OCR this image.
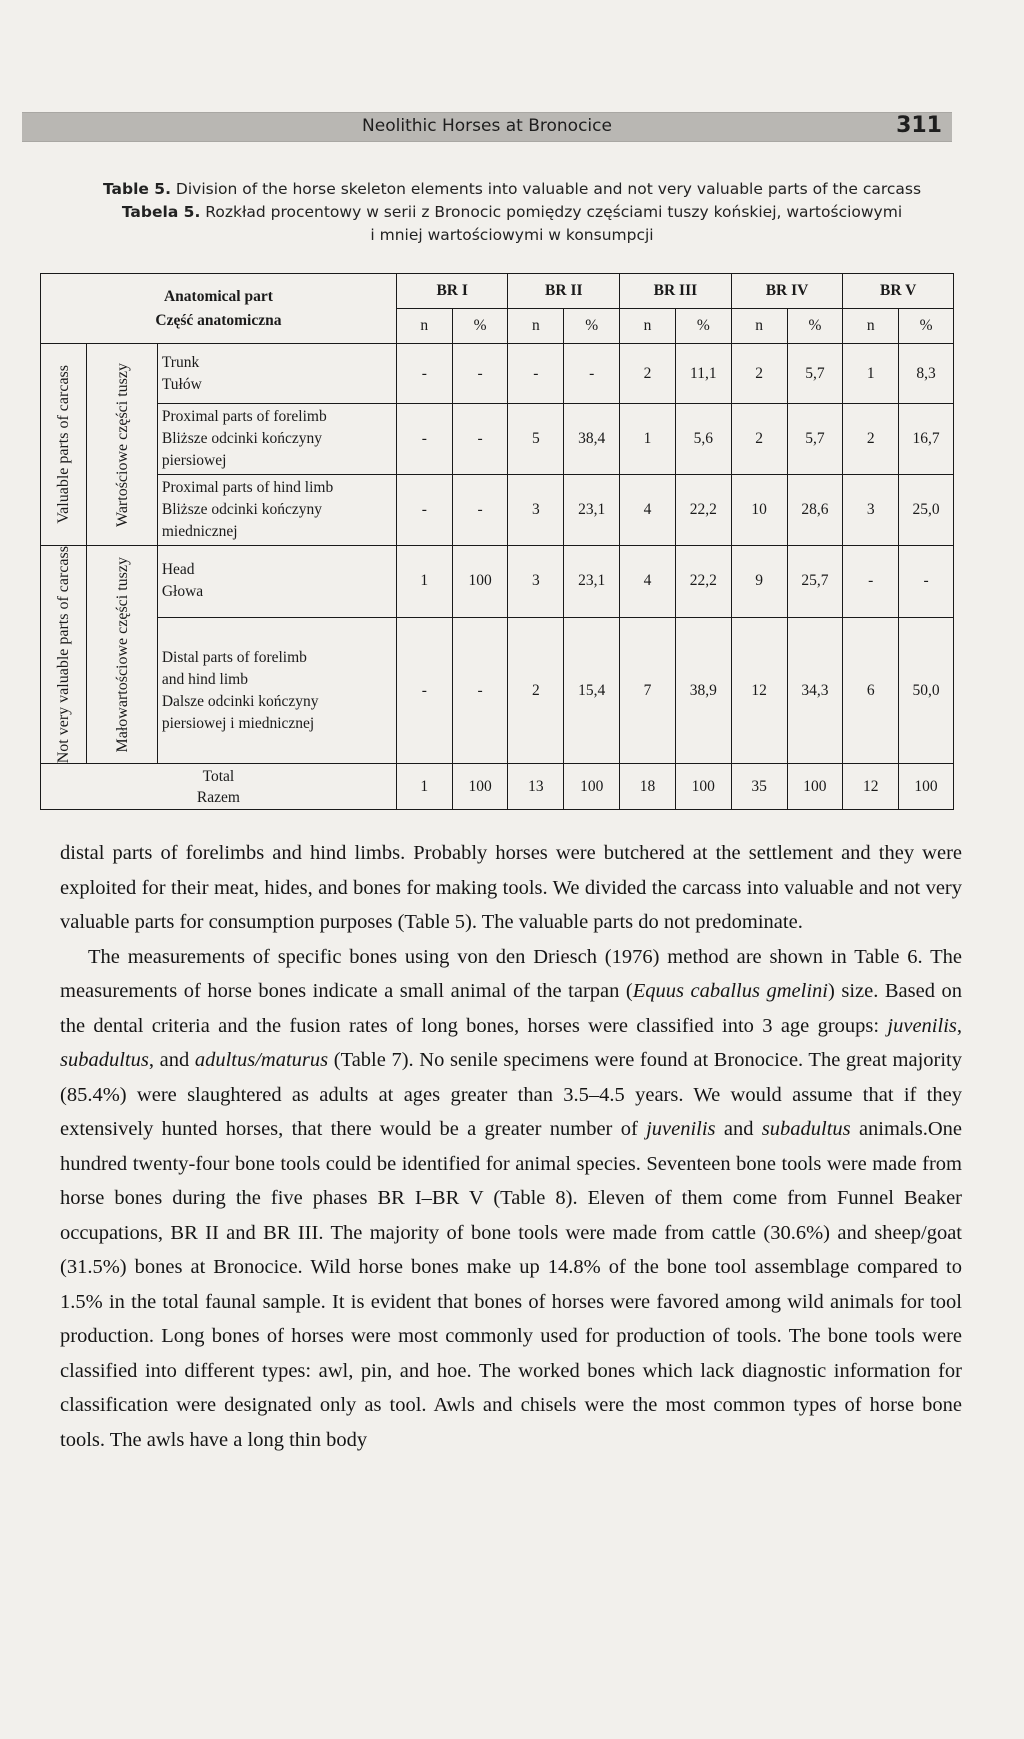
Neolithic Horses at Bronocice	311
Table 5. Division of the horse skeleton elements into valuable and not very valuable parts of the carcass
Tabela 5. Rozkład procentowy w serii z Bronocic pomiędzy częściami tuszy końskiej, wartościowymi
i mniej wartościowymi w konsumpcji
Anatomical part
Część anatomiczna			BR I		BR II		BR III		BR IV		BR V	
			n	%	n	%	n	%	n	%	n	%

Valuable parts of carcass	Wartościowe części tuszy	Trunk
Tułów	-	-	-	-	2	11,1	2	5,7	1	8,3

		Proximal parts of forelimb
Bliższe odcinki kończyny
piersiowej	-	-	5	38,4	1	5,6	2	5,7	2	16,7

		Proximal parts of hind limb
Bliższe odcinki kończyny
miednicznej	-	-	3	23,1	4	22,2	10	28,6	3	25,0

Not very valuable parts of carcass	Małowartościowe części tuszy	Head
Głowa	1	100	3	23,1	4	22,2	9	25,7	-	-

		Distal parts of forelimb
and hind limb
Dalsze odcinki kończyny
piersiowej i miednicznej	-	-	2	15,4	7	38,9	12	34,3	6	50,0

Total
Razem			1	100	13	100	18	100	35	100	12	100

distal parts of forelimbs and hind limbs. Probably horses were butchered at the settlement and they were exploited for their meat, hides, and bones for making tools. We divided the carcass into valuable and not very valuable parts for consumption purposes (Table 5). The valuable parts do not predominate.

The measurements of specific bones using von den Driesch (1976) method are shown in Table 6. The measurements of horse bones indicate a small animal of the tarpan (Equus caballus gmelini) size. Based on the dental criteria and the fusion rates of long bones, horses were classified into 3 age groups: juvenilis, subadultus, and adultus/maturus (Table 7). No senile specimens were found at Bronocice. The great majority (85.4%) were slaughtered as adults at ages greater than 3.5–4.5 years. We would assume that if they extensively hunted horses, that there would be a greater number of juvenilis and subadultus animals.One hundred twenty-four bone tools could be identified for animal species. Seventeen bone tools were made from horse bones during the five phases BR I–BR V (Table 8). Eleven of them come from Funnel Beaker occupations, BR II and BR III. The majority of bone tools were made from cattle (30.6%) and sheep/goat (31.5%) bones at Bronocice. Wild horse bones make up 14.8% of the bone tool assemblage compared to 1.5% in the total faunal sample. It is evident that bones of horses were favored among wild animals for tool production. Long bones of horses were most commonly used for production of tools. The bone tools were classified into different types: awl, pin, and hoe. The worked bones which lack diagnostic information for classification were designated only as tool. Awls and chisels were the most common types of horse bone tools. The awls have a long thin body
